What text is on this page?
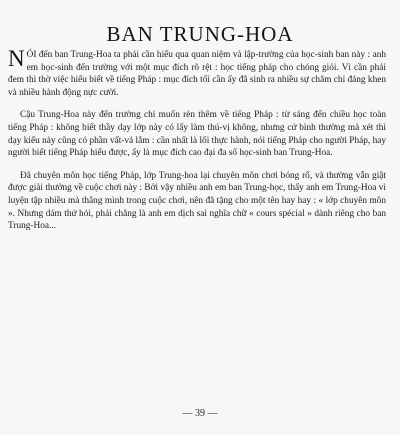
BAN TRUNG-HOA

NÓI đến ban Trung-Hoa ta phải cần hiểu qua quan niệm và lập-trường của học-sinh ban này : anh em học-sinh đến trường với một mục đích rõ rệt : học tiếng pháp cho chóng giỏi. Vì cần phải đem thì thờ việc hiểu biết về tiếng Pháp : mục đích tối cần ấy đã sinh ra nhiều sự chăm chỉ đáng khen và nhiều hành động nực cười.

Cậu Trung-Hoa này đến trường chỉ muốn rèn thêm về tiếng Pháp : từ sáng đến chiều học toàn tiếng Pháp : không biết thầy dạy lớp này có lẩy làm thú-vị không, nhưng cứ bình thường mà xét thì dạy kiểu này cũng có phần vất-vả lắm : cần nhất là lối thực hành, nói tiếng Pháp cho người Pháp, hay người biết tiếng Pháp hiểu được, ấy là mục đích cao đại đa số học-sinh ban Trung-Hoa.

Đã chuyên môn học tiếng Pháp, lớp Trung-hoa lại chuyên môn chơi bóng rổ, và thường vẫn giật được giải thưởng về cuộc chơi này : Bởi vậy nhiều anh em ban Trung-học, thấy anh em Trung-Hoa vì luyện tập nhiều mà thắng mình trong cuộc chơi, nên đã tặng cho một tên hay hay : « lớp chuyên môn ». Nhưng dám thử hỏi, phải chăng là anh em dịch sai nghĩa chữ « cours spécial » dành riêng cho ban Trung-Hoa...

— 39 —
